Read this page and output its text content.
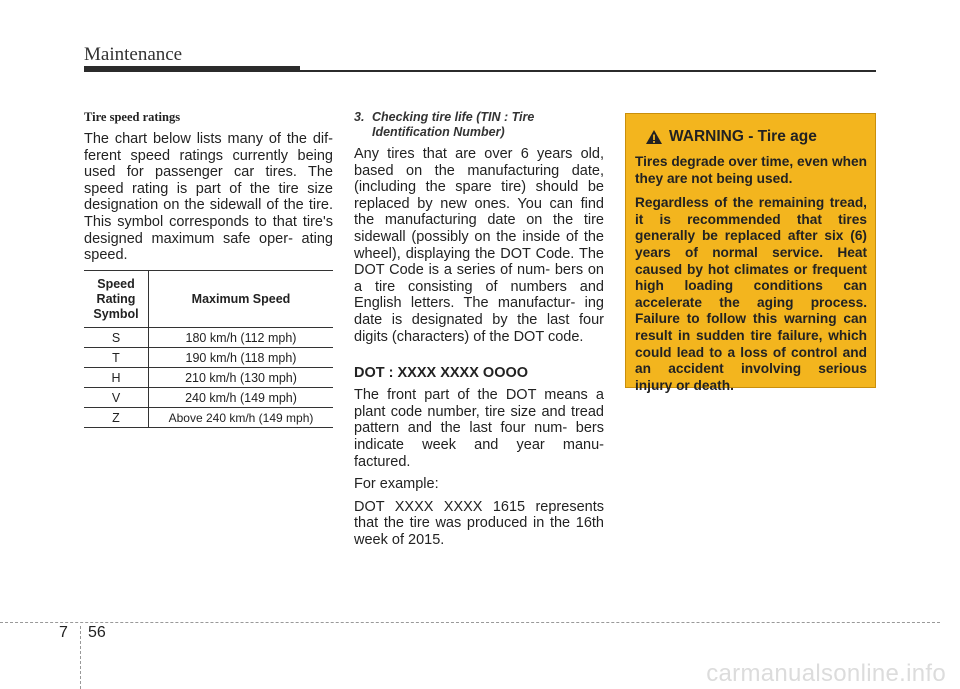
Maintenance
Tire speed ratings

The chart below lists many of the dif- ferent speed ratings currently being used for passenger car tires. The speed rating is part of the tire size designation on the sidewall of the tire. This symbol corresponds to that tire's designed maximum safe oper- ating speed.

Speed Rating Symbol	Maximum Speed
S	180 km/h (112 mph)
T	190 km/h (118 mph)
H	210 km/h (130 mph)
V	240 km/h (149 mph)
Z	Above 240 km/h (149 mph)
3. Checking tire life (TIN : Tire
Identification Number)

Any tires that are over 6 years old, based on the manufacturing date, (including the spare tire) should be replaced by new ones. You can find the manufacturing date on the tire sidewall (possibly on the inside of the wheel), displaying the DOT Code. The DOT Code is a series of num- bers on a tire consisting of numbers and English letters. The manufactur- ing date is designated by the last four digits (characters) of the DOT code.

DOT : XXXX XXXX OOOO

The front part of the DOT means a plant code number, tire size and tread pattern and the last four num- bers indicate week and year manu- factured.

For example:

DOT XXXX XXXX 1615 represents that the tire was produced in the 16th week of 2015.

WARNING - Tire age

Tires degrade over time, even when they are not being used.

Regardless of the remaining tread, it is recommended that tires generally be replaced after six (6) years of normal service. Heat caused by hot climates or frequent high loading conditions can accelerate the aging process. Failure to follow this warning can result in sudden tire failure, which could lead to a loss of control and an accident involving serious injury or death.

7 56
carmanualsonline.info
